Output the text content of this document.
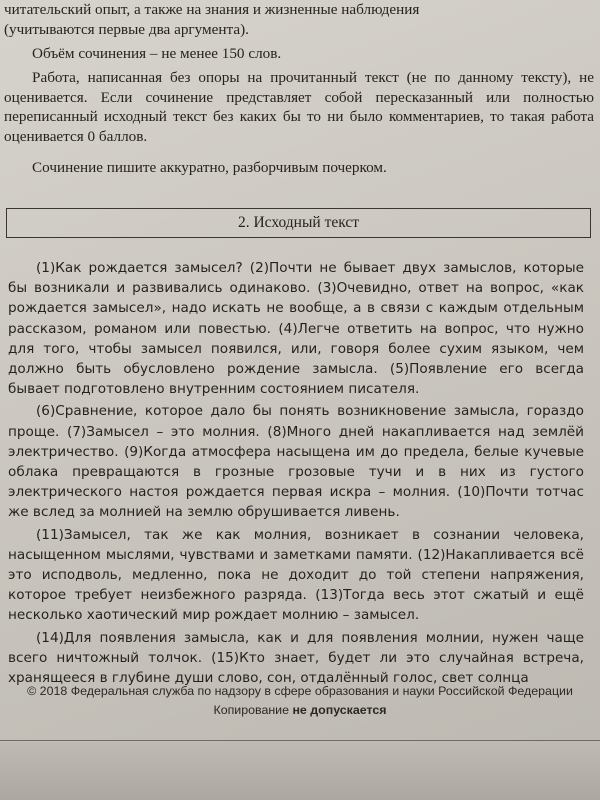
читательский опыт, а также на знания и жизненные наблюдения

(учитываются первые два аргумента).

Объём сочинения – не менее 150 слов.

Работа, написанная без опоры на прочитанный текст (не по данному тексту), не оценивается. Если сочинение представляет собой пересказанный или полностью переписанный исходный текст без каких бы то ни было комментариев, то такая работа оценивается 0 баллов.

Сочинение пишите аккуратно, разборчивым почерком.

2. Исходный текст

(1)Как рождается замысел? (2)Почти не бывает двух замыслов, которые бы возникали и развивались одинаково. (3)Очевидно, ответ на вопрос, «как рождается замысел», надо искать не вообще, а в связи с каждым отдельным рассказом, романом или повестью. (4)Легче ответить на вопрос, что нужно для того, чтобы замысел появился, или, говоря более сухим языком, чем должно быть обусловлено рождение замысла. (5)Появление его всегда бывает подготовлено внутренним состоянием писателя.

(6)Сравнение, которое дало бы понять возникновение замысла, гораздо проще. (7)Замысел – это молния. (8)Много дней накапливается над землёй электричество. (9)Когда атмосфера насыщена им до предела, белые кучевые облака превращаются в грозные грозовые тучи и в них из густого электрического настоя рождается первая искра – молния. (10)Почти тотчас же вслед за молнией на землю обрушивается ливень.

(11)Замысел, так же как молния, возникает в сознании человека, насыщенном мыслями, чувствами и заметками памяти. (12)Накапливается всё это исподволь, медленно, пока не доходит до той степени напряжения, которое требует неизбежного разряда. (13)Тогда весь этот сжатый и ещё несколько хаотический мир рождает молнию – замысел.

(14)Для появления замысла, как и для появления молнии, нужен чаще всего ничтожный толчок. (15)Кто знает, будет ли это случайная встреча, хранящееся в глубине души слово, сон, отдалённый голос, свет солнца

© 2018 Федеральная служба по надзору в сфере образования и науки Российской Федерации
Копирование не допускается
